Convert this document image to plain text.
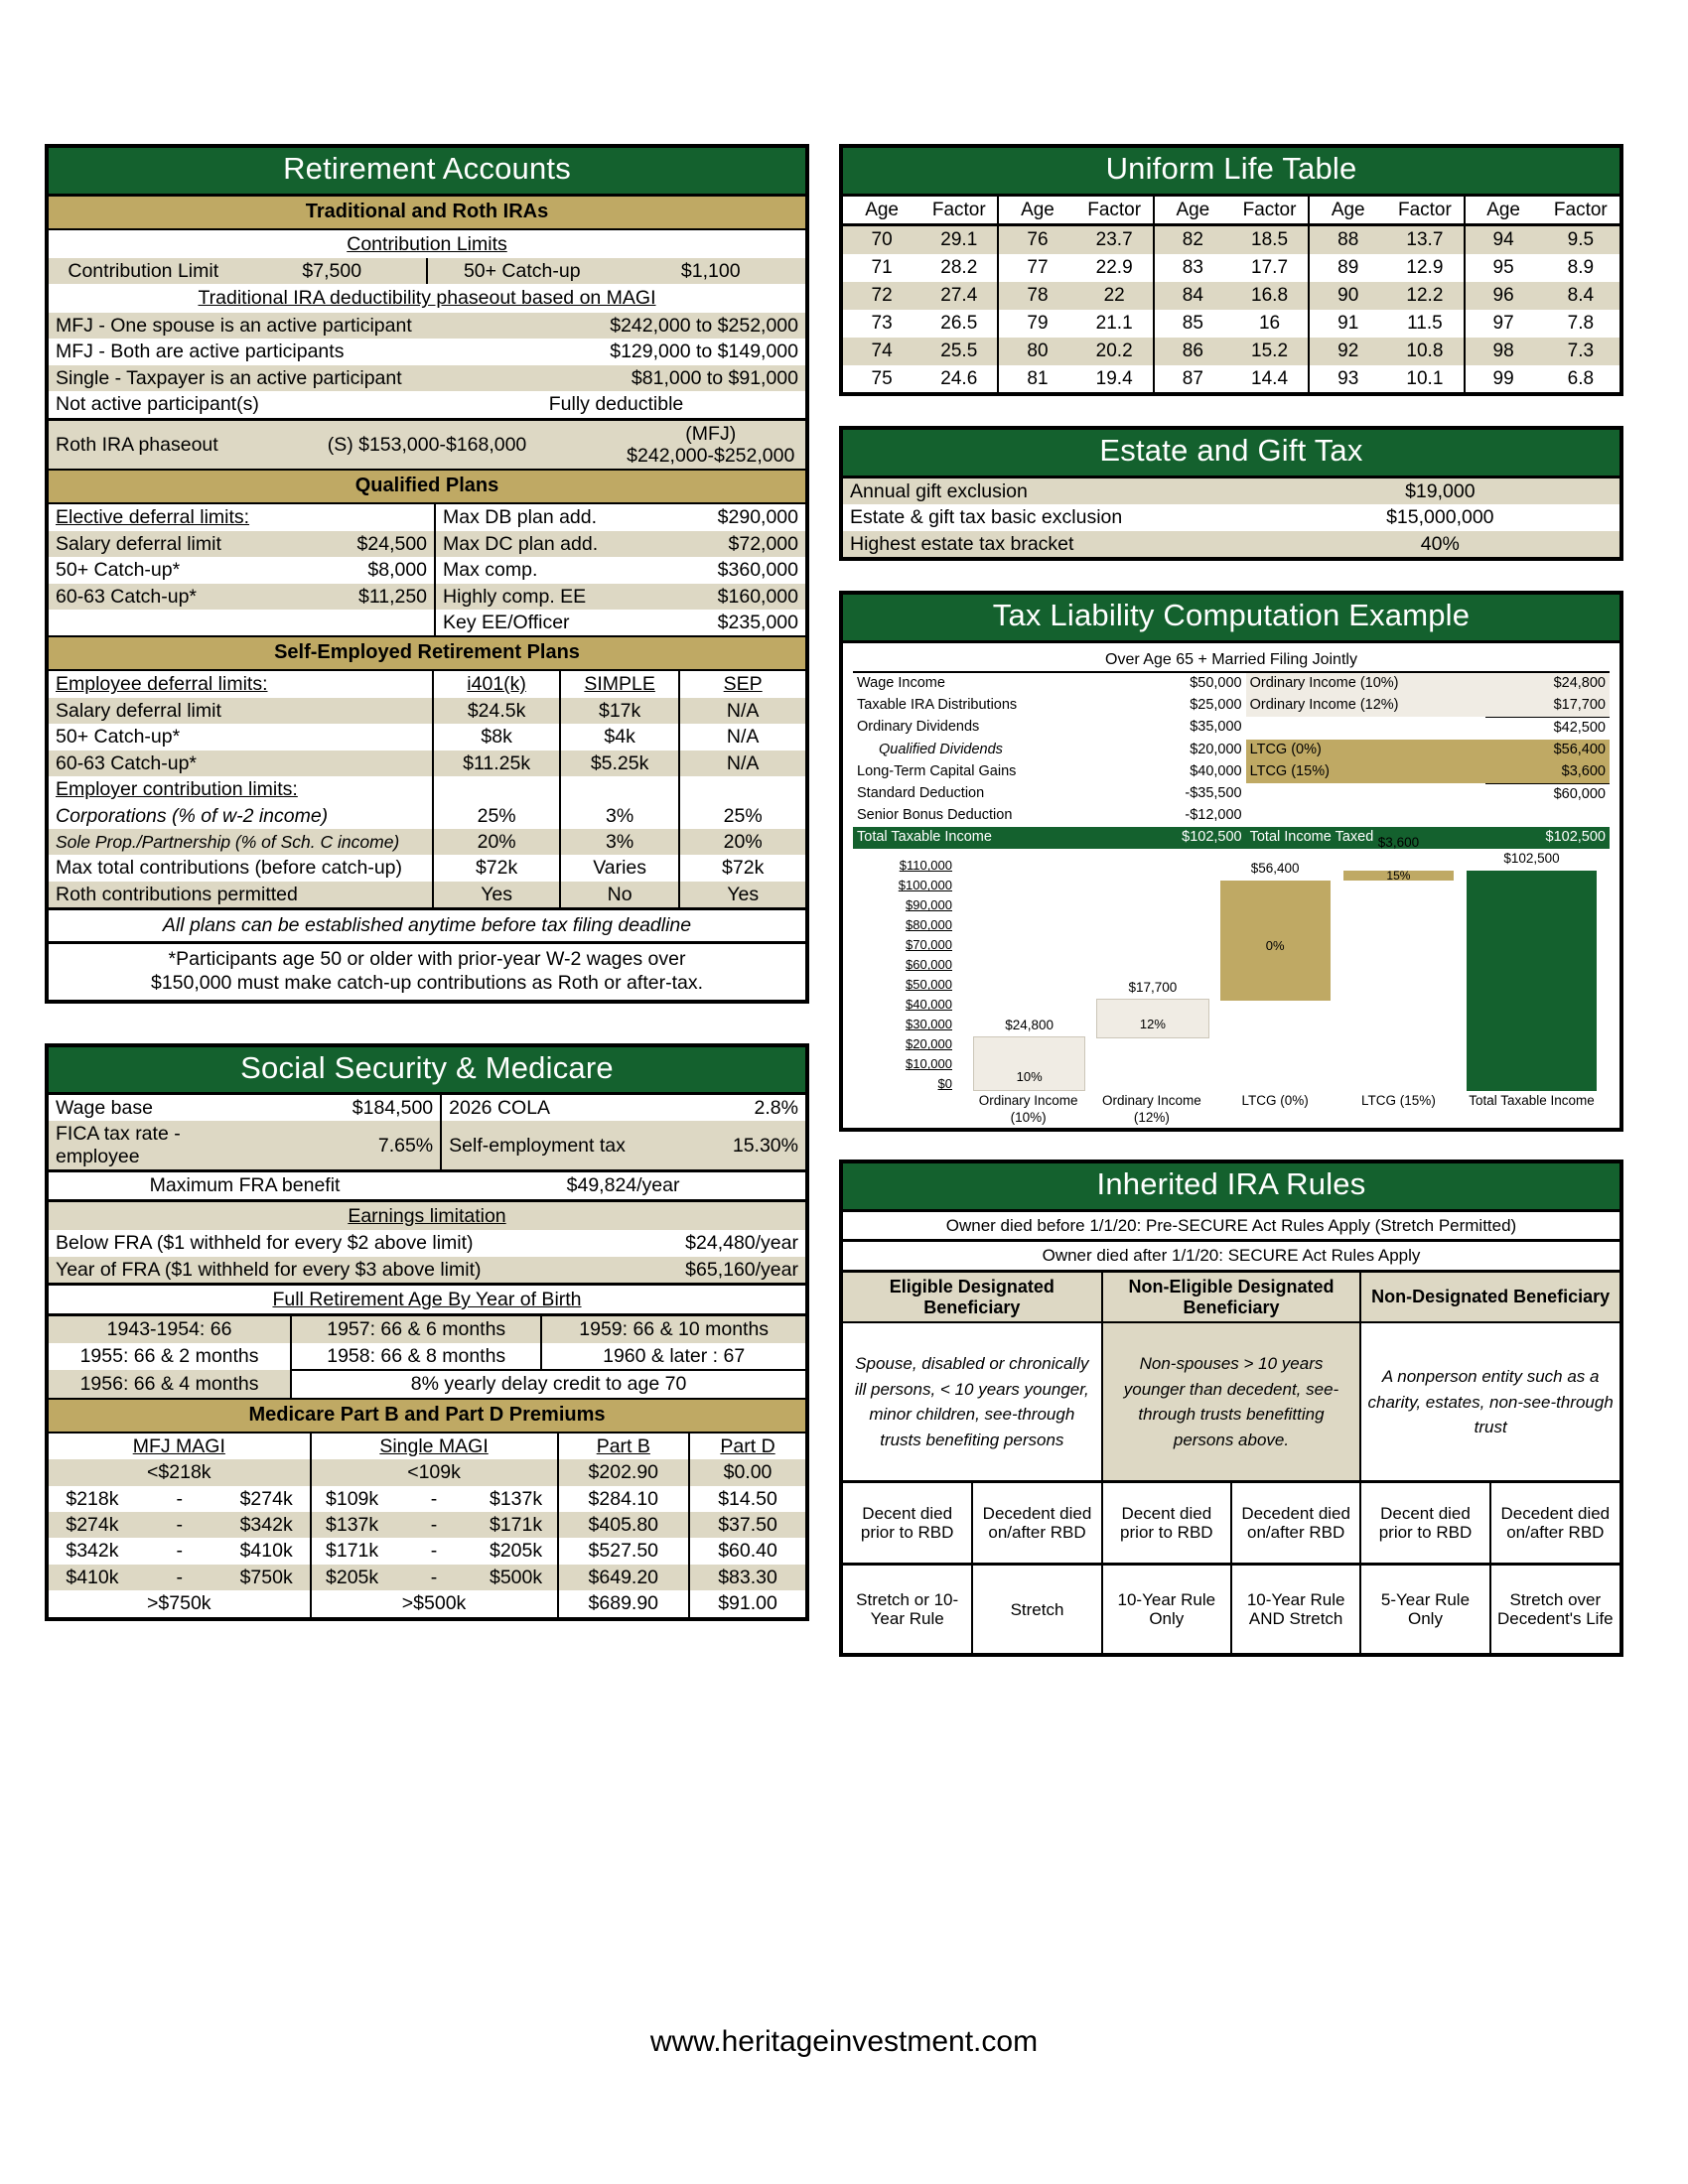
Retirement Accounts
Traditional and Roth IRAs
Contribution Limits			
Contribution Limit	$7,500	50+ Catch-up	$1,100
Traditional IRA deductibility phaseout based on MAGI			
MFJ - One spouse is an active participant		$242,000 to $252,000	
MFJ - Both are active participants		$129,000 to $149,000	
Single - Taxpayer is an active participant		$81,000 to $91,000	
Not active participant(s)		Fully deductible	
Roth IRA phaseout	(S) $153,000-$168,000		(MFJ) $242,000-$252,000
Qualified Plans
Elective deferral limits:		Max DB plan add.	$290,000
Salary deferral limit	$24,500	Max DC plan add.	$72,000
50+ Catch-up*	$8,000	Max comp.	$360,000
60-63 Catch-up*	$11,250	Highly comp. EE	$160,000
		Key EE/Officer	$235,000
Self-Employed Retirement Plans
Employee deferral limits:	i401(k)	SIMPLE	SEP
Salary deferral limit	$24.5k	$17k	N/A
50+ Catch-up*	$8k	$4k	N/A
60-63 Catch-up*	$11.25k	$5.25k	N/A
Employer contribution limits:			
Corporations (% of w-2 income)	25%	3%	25%
Sole Prop./Partnership (% of Sch. C income)	20%	3%	20%
Max total contributions (before catch-up)	$72k	Varies	$72k
Roth contributions permitted	Yes	No	Yes
All plans can be established anytime before tax filing deadline			
*Participants age 50 or older with prior-year W-2 wages over			
$150,000 must make catch-up contributions as Roth or after-tax.			
Social Security & Medicare
Wage base	$184,500	2026 COLA	2.8%
FICA tax rate - employee	7.65%	Self-employment tax	15.30%
Maximum FRA benefit		$49,824/year	
Earnings limitation			
Below FRA ($1 withheld for every $2 above limit)			$24,480/year
Year of FRA ($1 withheld for every $3 above limit)			$65,160/year
Full Retirement Age By Year of Birth			
1943-1954: 66	1957: 66 & 6 months	1959: 66 & 10 months
1955: 66 & 2 months	1958: 66 & 8 months	1960 & later : 67
1956: 66 & 4 months	8% yearly delay credit to age 70	
Medicare Part B and Part D Premiums
MFJ MAGI			Single MAGI			Part B	Part D
<$218k			<109k			$202.90	$0.00
$218k	-	$274k	$109k	-	$137k	$284.10	$14.50
$274k	-	$342k	$137k	-	$171k	$405.80	$37.50
$342k	-	$410k	$171k	-	$205k	$527.50	$60.40
$410k	-	$750k	$205k	-	$500k	$649.20	$83.30
>$750k			>$500k			$689.90	$91.00
Uniform Life Table
Age	Factor	Age	Factor	Age	Factor	Age	Factor	Age	Factor
70	29.1	76	23.7	82	18.5	88	13.7	94	9.5
71	28.2	77	22.9	83	17.7	89	12.9	95	8.9
72	27.4	78	22	84	16.8	90	12.2	96	8.4
73	26.5	79	21.1	85	16	91	11.5	97	7.8
74	25.5	80	20.2	86	15.2	92	10.8	98	7.3
75	24.6	81	19.4	87	14.4	93	10.1	99	6.8
Estate and Gift Tax
Annual gift exclusion	$19,000
Estate & gift tax basic exclusion	$15,000,000
Highest estate tax bracket	40%
Tax Liability Computation Example
Over Age 65 + Married Filing Jointly
Wage Income	$50,000	Ordinary Income (10%)	$24,800
Taxable IRA Distributions	$25,000	Ordinary Income (12%)	$17,700
Ordinary Dividends	$35,000		$42,500
Qualified Dividends	$20,000	LTCG (0%)	$56,400
Long-Term Capital Gains	$40,000	LTCG (15%)	$3,600
Standard Deduction	-$35,500		$60,000
Senior Bonus Deduction	-$12,000		
Total Taxable Income	$102,500	Total Income Taxed	$102,500
$0
$10,000
$20,000
$30,000
$40,000
$50,000
$60,000
$70,000
$80,000
$90,000
$100,000
$110,000
$24,800
10%
$17,700
12%
$56,400
0%
$3,600
15%
$102,500
Ordinary Income (10%)
Ordinary Income (12%)
LTCG (0%)	LTCG (15%)	Total Taxable Income
Inherited IRA Rules
Owner died before 1/1/20: Pre-SECURE Act Rules Apply (Stretch Permitted)					
Owner died after 1/1/20: SECURE Act Rules Apply					
Eligible Designated Beneficiary		Non-Eligible Designated Beneficiary		Non-Designated Beneficiary	
Spouse, disabled or chronically ill persons, < 10 years younger, minor children, see-through trusts benefiting persons		Non-spouses > 10 years younger than decedent, see-through trusts benefitting persons above.		A nonperson entity such as a charity, estates, non-see-through trust	
Decent died prior to RBD	Decedent died on/after RBD	Decent died prior to RBD	Decedent died on/after RBD	Decent died prior to RBD	Decedent died on/after RBD
Stretch or 10-Year Rule	Stretch	10-Year Rule Only	10-Year Rule AND Stretch	5-Year Rule Only	Stretch over Decedent's Life
www.heritageinvestment.com
